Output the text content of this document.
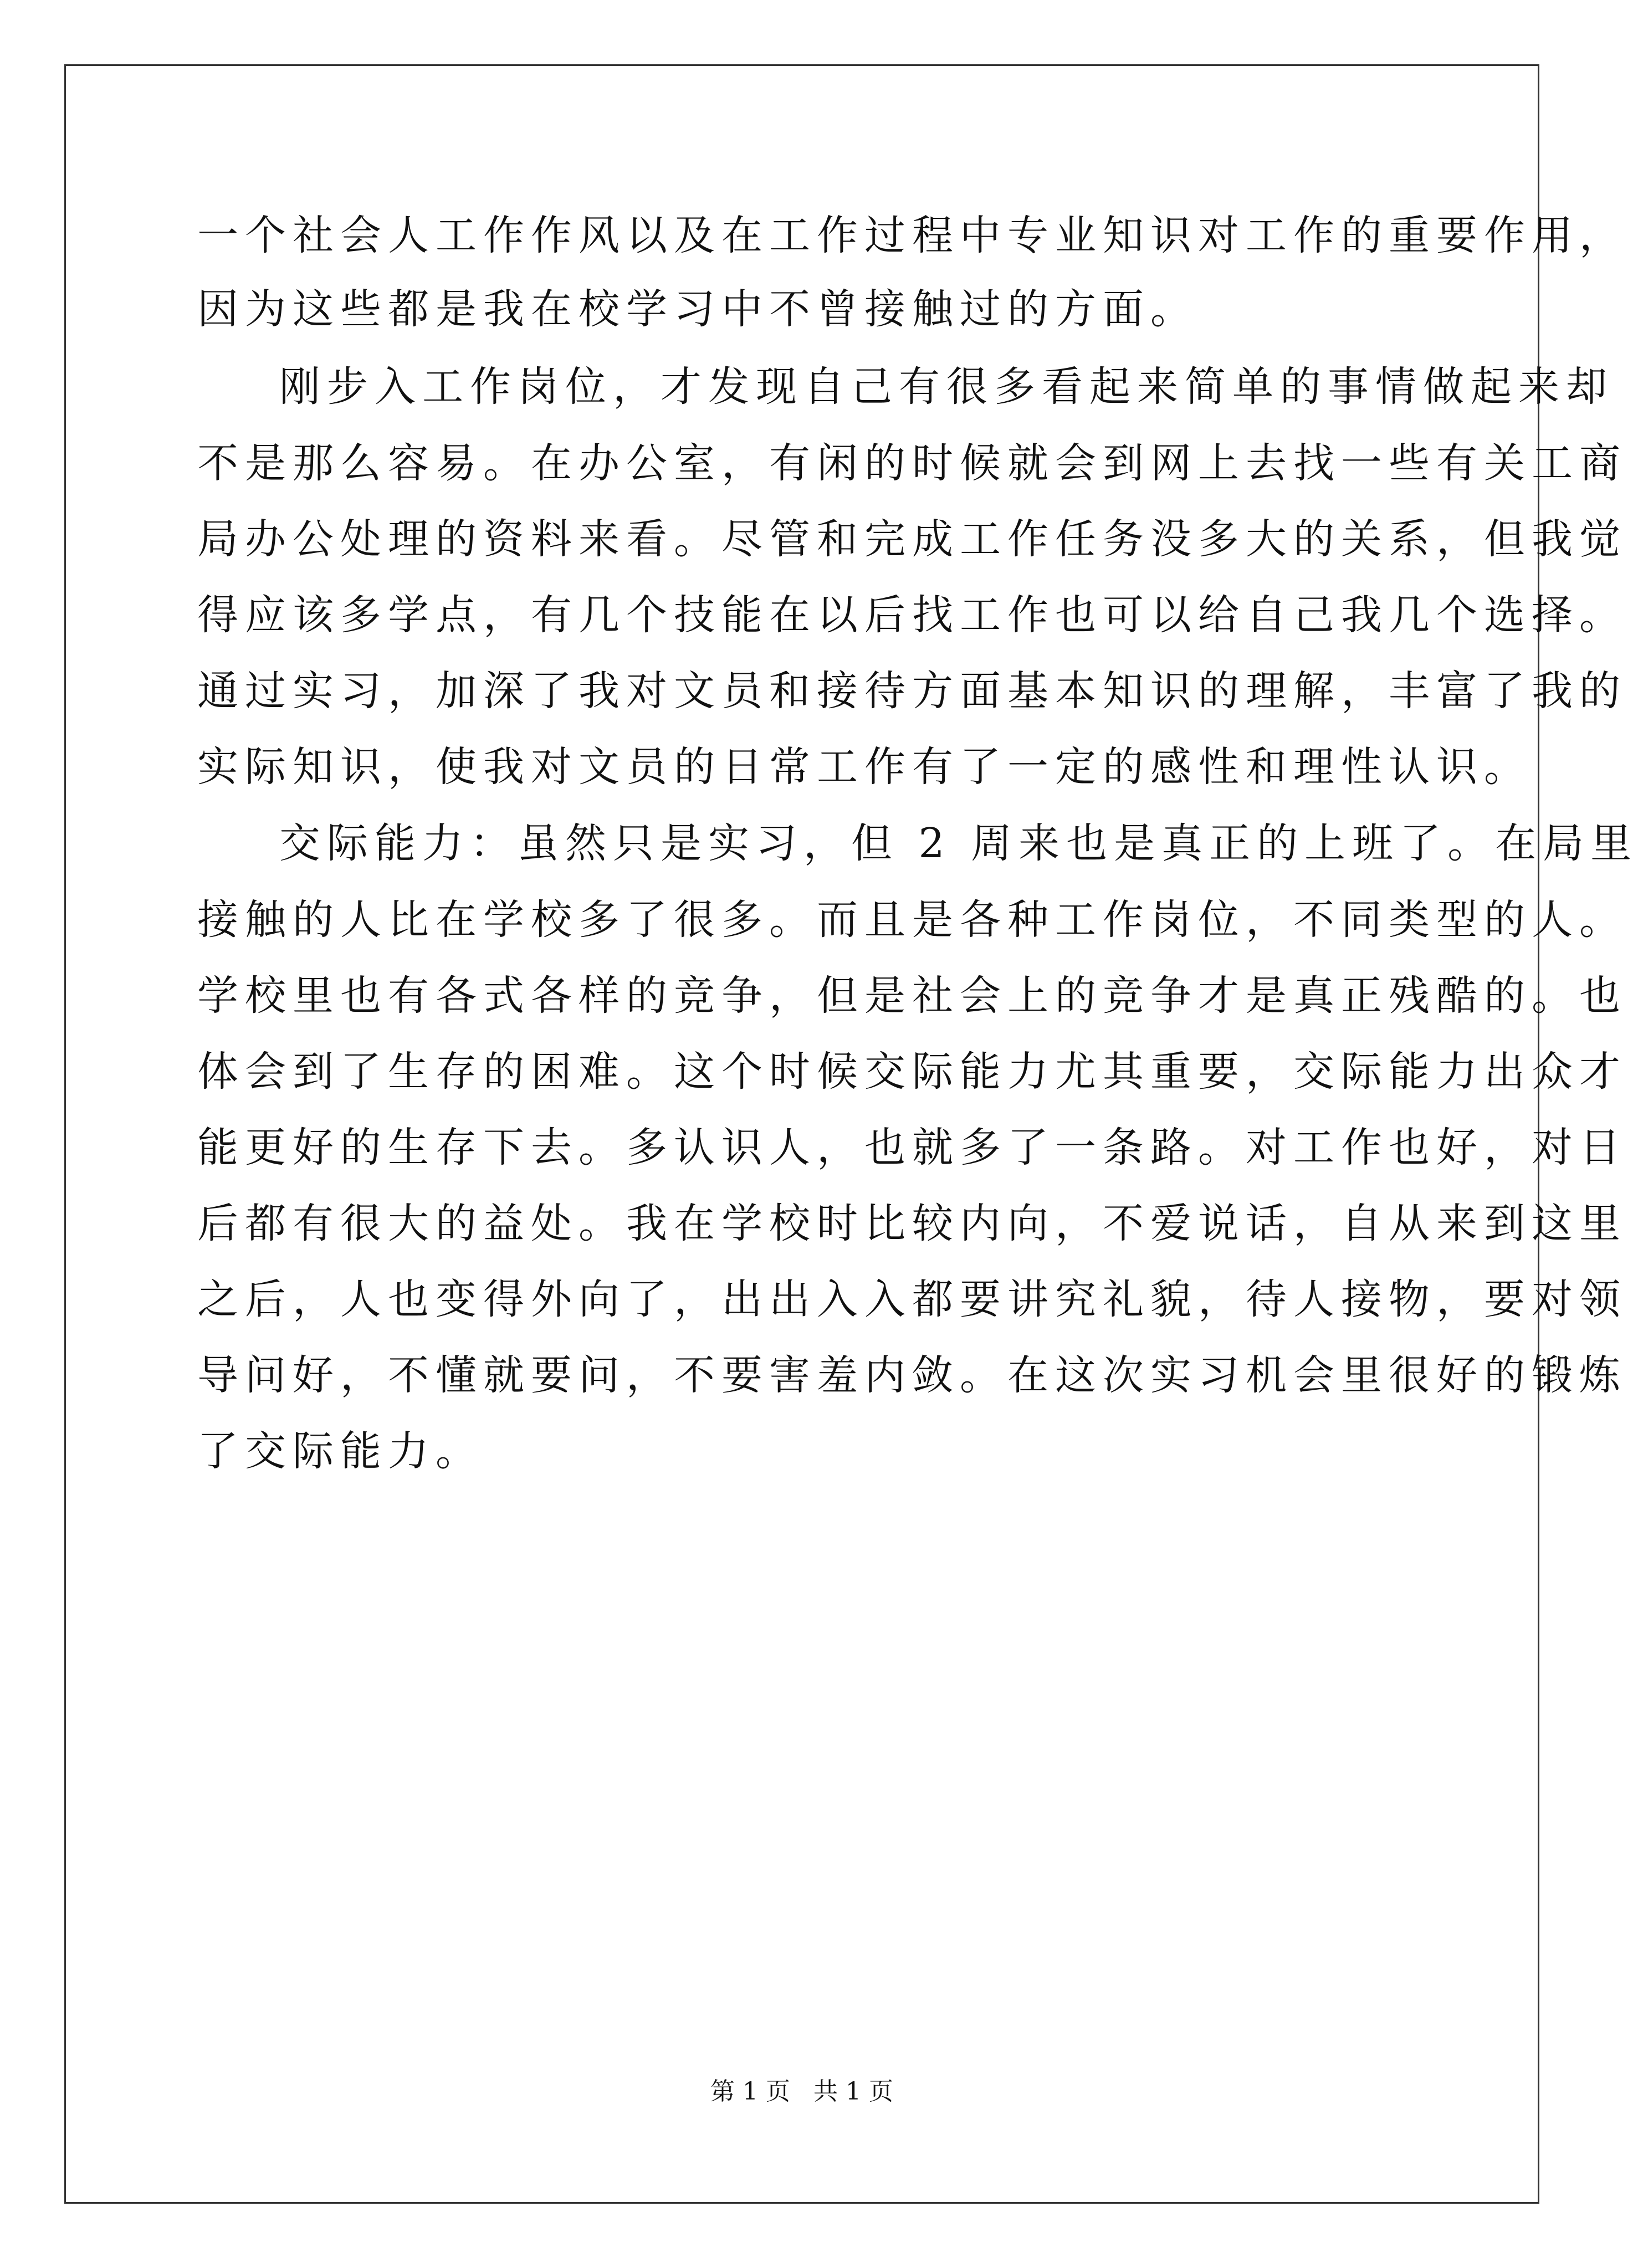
一个社会人工作作风以及在工作过程中专业知识对工作的重要作用，
因为这些都是我在校学习中不曾接触过的方面。
刚步入工作岗位，才发现自己有很多看起来简单的事情做起来却
不是那么容易。在办公室，有闲的时候就会到网上去找一些有关工商
局办公处理的资料来看。尽管和完成工作任务没多大的关系，但我觉
得应该多学点，有几个技能在以后找工作也可以给自己我几个选择。
通过实习，加深了我对文员和接待方面基本知识的理解，丰富了我的
实际知识，使我对文员的日常工作有了一定的感性和理性认识。
交际能力：虽然只是实习，但 2 周来也是真正的上班了。在局里
接触的人比在学校多了很多。而且是各种工作岗位，不同类型的人。
学校里也有各式各样的竞争，但是社会上的竞争才是真正残酷的。也
体会到了生存的困难。这个时候交际能力尤其重要，交际能力出众才
能更好的生存下去。多认识人，也就多了一条路。对工作也好，对日
后都有很大的益处。我在学校时比较内向，不爱说话，自从来到这里
之后，人也变得外向了，出出入入都要讲究礼貌，待人接物，要对领
导问好，不懂就要问，不要害羞内敛。在这次实习机会里很好的锻炼
了交际能力。
第 1 页 共 1 页
